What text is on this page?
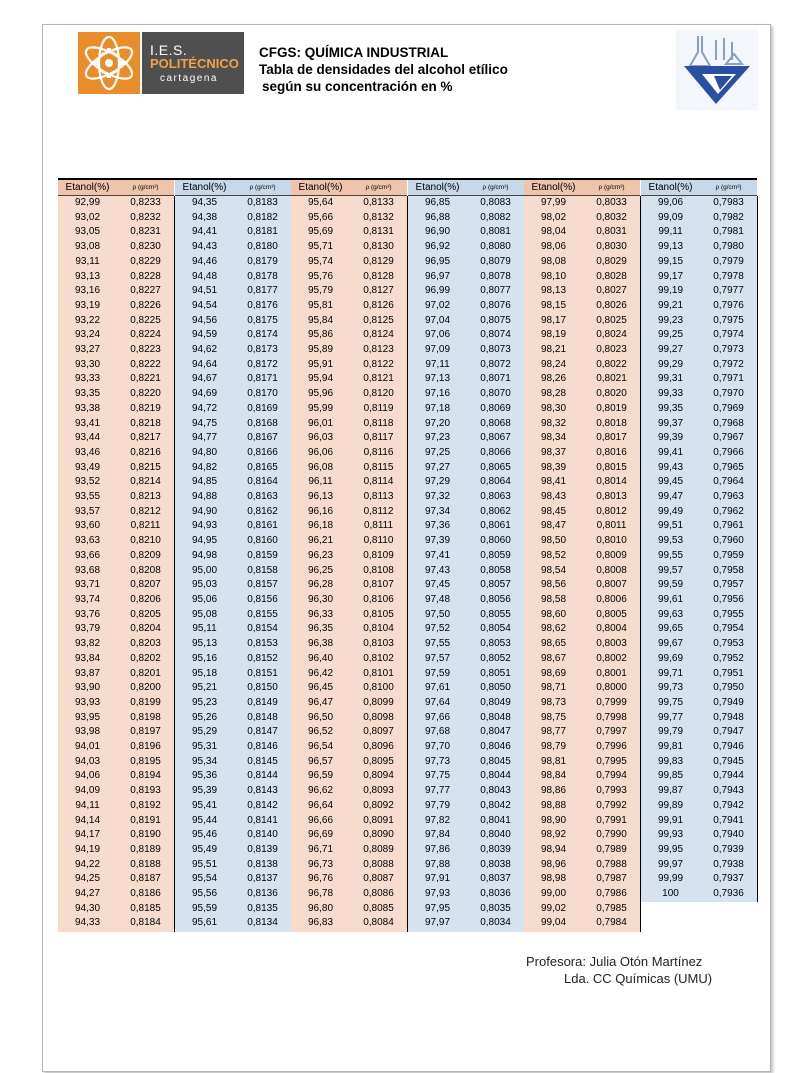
I.E.S.
POLITÉCNICO
cartagena
CFGS: QUÍMICA INDUSTRIAL
Tabla de densidades del alcohol etílico
según su concentración en %
Etanol(%)	ρ (g/cm³)
92,99	0,8233
93,02	0,8232
93,05	0,8231
93,08	0,8230
93,11	0,8229
93,13	0,8228
93,16	0,8227
93,19	0,8226
93,22	0,8225
93,24	0,8224
93,27	0,8223
93,30	0,8222
93,33	0,8221
93,35	0,8220
93,38	0,8219
93,41	0,8218
93,44	0,8217
93,46	0,8216
93,49	0,8215
93,52	0,8214
93,55	0,8213
93,57	0,8212
93,60	0,8211
93,63	0,8210
93,66	0,8209
93,68	0,8208
93,71	0,8207
93,74	0,8206
93,76	0,8205
93,79	0,8204
93,82	0,8203
93,84	0,8202
93,87	0,8201
93,90	0,8200
93,93	0,8199
93,95	0,8198
93,98	0,8197
94,01	0,8196
94,03	0,8195
94,06	0,8194
94,09	0,8193
94,11	0,8192
94,14	0,8191
94,17	0,8190
94,19	0,8189
94,22	0,8188
94,25	0,8187
94,27	0,8186
94,30	0,8185
94,33	0,8184
Etanol(%)	ρ (g/cm³)
94,35	0,8183
94,38	0,8182
94,41	0,8181
94,43	0,8180
94,46	0,8179
94,48	0,8178
94,51	0,8177
94,54	0,8176
94,56	0,8175
94,59	0,8174
94,62	0,8173
94,64	0,8172
94,67	0,8171
94,69	0,8170
94,72	0,8169
94,75	0,8168
94,77	0,8167
94,80	0,8166
94,82	0,8165
94,85	0,8164
94,88	0,8163
94,90	0,8162
94,93	0,8161
94,95	0,8160
94,98	0,8159
95,00	0,8158
95,03	0,8157
95,06	0,8156
95,08	0,8155
95,11	0,8154
95,13	0,8153
95,16	0,8152
95,18	0,8151
95,21	0,8150
95,23	0,8149
95,26	0,8148
95,29	0,8147
95,31	0,8146
95,34	0,8145
95,36	0,8144
95,39	0,8143
95,41	0,8142
95,44	0,8141
95,46	0,8140
95,49	0,8139
95,51	0,8138
95,54	0,8137
95,56	0,8136
95,59	0,8135
95,61	0,8134
Etanol(%)	ρ (g/cm³)
95,64	0,8133
95,66	0,8132
95,69	0,8131
95,71	0,8130
95,74	0,8129
95,76	0,8128
95,79	0,8127
95,81	0,8126
95,84	0,8125
95,86	0,8124
95,89	0,8123
95,91	0,8122
95,94	0,8121
95,96	0,8120
95,99	0,8119
96,01	0,8118
96,03	0,8117
96,06	0,8116
96,08	0,8115
96,11	0,8114
96,13	0,8113
96,16	0,8112
96,18	0,8111
96,21	0,8110
96,23	0,8109
96,25	0,8108
96,28	0,8107
96,30	0,8106
96,33	0,8105
96,35	0,8104
96,38	0,8103
96,40	0,8102
96,42	0,8101
96,45	0,8100
96,47	0,8099
96,50	0,8098
96,52	0,8097
96,54	0,8096
96,57	0,8095
96,59	0,8094
96,62	0,8093
96,64	0,8092
96,66	0,8091
96,69	0,8090
96,71	0,8089
96,73	0,8088
96,76	0,8087
96,78	0,8086
96,80	0,8085
96,83	0,8084
Etanol(%)	ρ (g/cm³)
96,85	0,8083
96,88	0,8082
96,90	0,8081
96,92	0,8080
96,95	0,8079
96,97	0,8078
96,99	0,8077
97,02	0,8076
97,04	0,8075
97,06	0,8074
97,09	0,8073
97,11	0,8072
97,13	0,8071
97,16	0,8070
97,18	0,8069
97,20	0,8068
97,23	0,8067
97,25	0,8066
97,27	0,8065
97,29	0,8064
97,32	0,8063
97,34	0,8062
97,36	0,8061
97,39	0,8060
97,41	0,8059
97,43	0,8058
97,45	0,8057
97,48	0,8056
97,50	0,8055
97,52	0,8054
97,55	0,8053
97,57	0,8052
97,59	0,8051
97,61	0,8050
97,64	0,8049
97,66	0,8048
97,68	0,8047
97,70	0,8046
97,73	0,8045
97,75	0,8044
97,77	0,8043
97,79	0,8042
97,82	0,8041
97,84	0,8040
97,86	0,8039
97,88	0,8038
97,91	0,8037
97,93	0,8036
97,95	0,8035
97,97	0,8034
Etanol(%)	ρ (g/cm³)
97,99	0,8033
98,02	0,8032
98,04	0,8031
98,06	0,8030
98,08	0,8029
98,10	0,8028
98,13	0,8027
98,15	0,8026
98,17	0,8025
98,19	0,8024
98,21	0,8023
98,24	0,8022
98,26	0,8021
98,28	0,8020
98,30	0,8019
98,32	0,8018
98,34	0,8017
98,37	0,8016
98,39	0,8015
98,41	0,8014
98,43	0,8013
98,45	0,8012
98,47	0,8011
98,50	0,8010
98,52	0,8009
98,54	0,8008
98,56	0,8007
98,58	0,8006
98,60	0,8005
98,62	0,8004
98,65	0,8003
98,67	0,8002
98,69	0,8001
98,71	0,8000
98,73	0,7999
98,75	0,7998
98,77	0,7997
98,79	0,7996
98,81	0,7995
98,84	0,7994
98,86	0,7993
98,88	0,7992
98,90	0,7991
98,92	0,7990
98,94	0,7989
98,96	0,7988
98,98	0,7987
99,00	0,7986
99,02	0,7985
99,04	0,7984
Etanol(%)	ρ (g/cm³)
99,06	0,7983
99,09	0,7982
99,11	0,7981
99,13	0,7980
99,15	0,7979
99,17	0,7978
99,19	0,7977
99,21	0,7976
99,23	0,7975
99,25	0,7974
99,27	0,7973
99,29	0,7972
99,31	0,7971
99,33	0,7970
99,35	0,7969
99,37	0,7968
99,39	0,7967
99,41	0,7966
99,43	0,7965
99,45	0,7964
99,47	0,7963
99,49	0,7962
99,51	0,7961
99,53	0,7960
99,55	0,7959
99,57	0,7958
99,59	0,7957
99,61	0,7956
99,63	0,7955
99,65	0,7954
99,67	0,7953
99,69	0,7952
99,71	0,7951
99,73	0,7950
99,75	0,7949
99,77	0,7948
99,79	0,7947
99,81	0,7946
99,83	0,7945
99,85	0,7944
99,87	0,7943
99,89	0,7942
99,91	0,7941
99,93	0,7940
99,95	0,7939
99,97	0,7938
99,99	0,7937
100	0,7936
Profesora: Julia Otón Martínez
Lda. CC Químicas (UMU)
